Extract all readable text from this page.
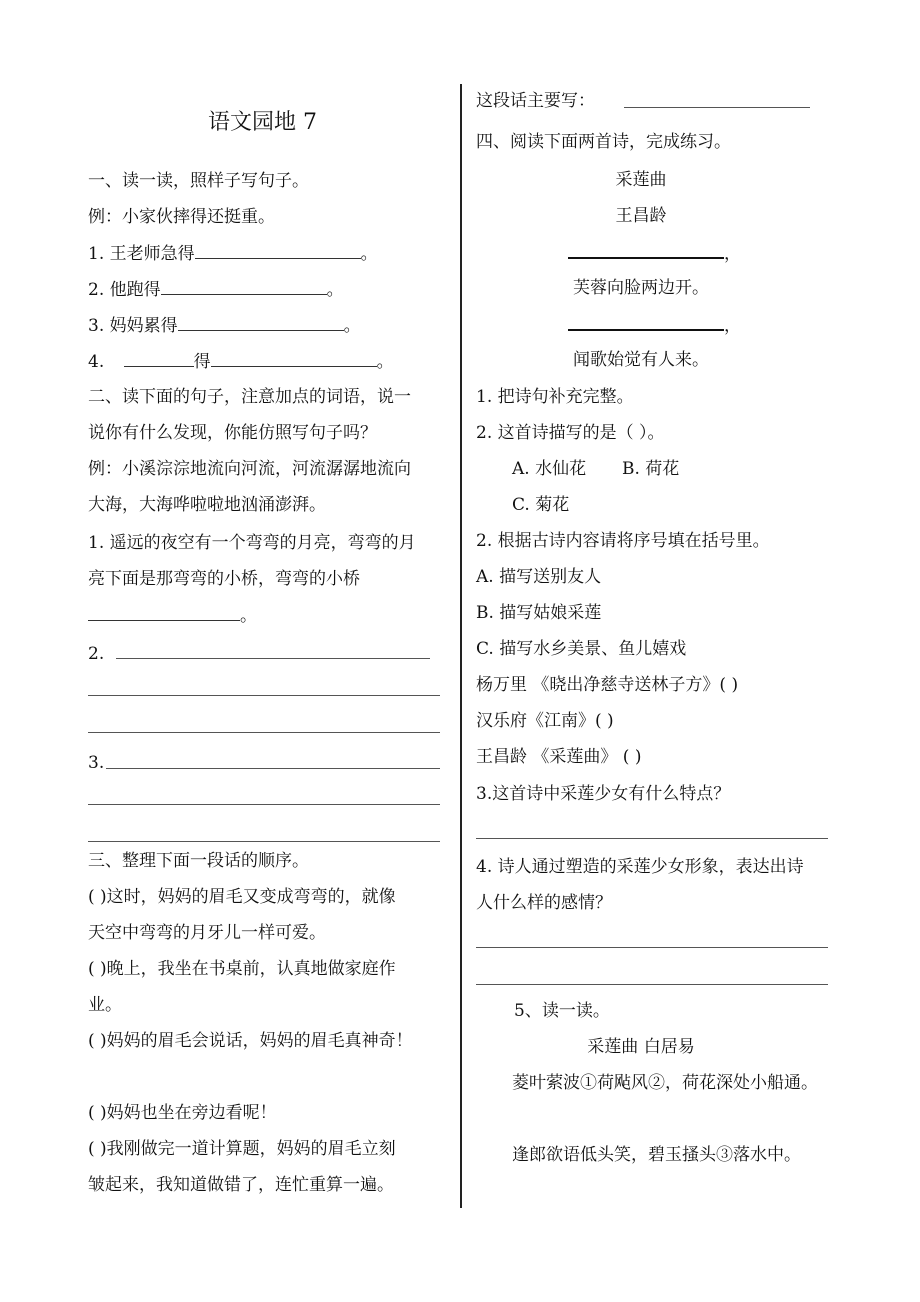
语文园地 7
一、读一读，照样子写句子。
例：小家伙摔得还挺重。
1. 王老师急得	。
2. 他跑得	。
3. 妈妈累得	。
4.	得	。
二、读下面的句子，注意加点的词语，说一
说你有什么发现，你能仿照写句子吗？
例：小溪淙淙地流向河流，河流潺潺地流向
大海，大海哗啦啦地汹涌澎湃。
1. 遥远的夜空有一个弯弯的月亮，弯弯的月
亮下面是那弯弯的小桥，弯弯的小桥
。
2.
3.
三、整理下面一段话的顺序。
( )这时，妈妈的眉毛又变成弯弯的，就像
天空中弯弯的月牙儿一样可爱。
( )晚上，我坐在书桌前，认真地做家庭作
业。
( )妈妈的眉毛会说话，妈妈的眉毛真神奇！
( )妈妈也坐在旁边看呢！
( )我刚做完一道计算题，妈妈的眉毛立刻
皱起来，我知道做错了，连忙重算一遍。
这段话主要写：
四、阅读下面两首诗，完成练习。
采莲曲
王昌龄
，
芙蓉向脸两边开。
，
闻歌始觉有人来。
1. 把诗句补充完整。
2. 这首诗描写的是（ ）。
A. 水仙花 B. 荷花
C. 菊花
2. 根据古诗内容请将序号填在括号里。
A. 描写送别友人
B. 描写姑娘采莲
C. 描写水乡美景、鱼儿嬉戏
杨万里 《晓出净慈寺送林子方》( )
汉乐府《江南》( )
王昌龄 《采莲曲》 ( )
3.这首诗中采莲少女有什么特点？
4. 诗人通过塑造的采莲少女形象，表达出诗
人什么样的感情？
5、读一读。
采莲曲 白居易
菱叶萦波①荷飐风②，荷花深处小船通。
逢郎欲语低头笑，碧玉搔头③落水中。
